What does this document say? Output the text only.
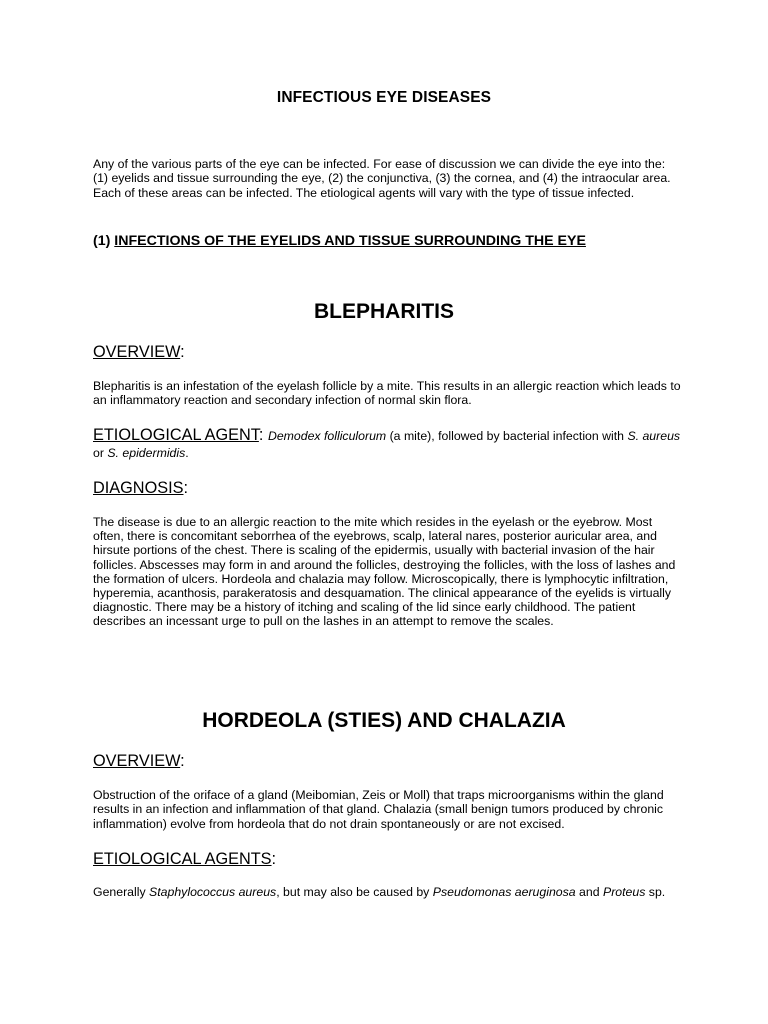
INFECTIOUS EYE DISEASES

Any of the various parts of the eye can be infected. For ease of discussion we can divide the eye into the: (1) eyelids and tissue surrounding the eye, (2) the conjunctiva, (3) the cornea, and (4) the intraocular area. Each of these areas can be infected. The etiological agents will vary with the type of tissue infected.

(1) INFECTIONS OF THE EYELIDS AND TISSUE SURROUNDING THE EYE
BLEPHARITIS
OVERVIEW:

Blepharitis is an infestation of the eyelash follicle by a mite. This results in an allergic reaction which leads to an inflammatory reaction and secondary infection of normal skin flora.

ETIOLOGICAL AGENT: Demodex folliculorum (a mite), followed by bacterial infection with S. aureus or S. epidermidis.

DIAGNOSIS:

The disease is due to an allergic reaction to the mite which resides in the eyelash or the eyebrow. Most often, there is concomitant seborrhea of the eyebrows, scalp, lateral nares, posterior auricular area, and hirsute portions of the chest. There is scaling of the epidermis, usually with bacterial invasion of the hair follicles. Abscesses may form in and around the follicles, destroying the follicles, with the loss of lashes and the formation of ulcers. Hordeola and chalazia may follow. Microscopically, there is lymphocytic infiltration, hyperemia, acanthosis, parakeratosis and desquamation. The clinical appearance of the eyelids is virtually diagnostic. There may be a history of itching and scaling of the lid since early childhood. The patient describes an incessant urge to pull on the lashes in an attempt to remove the scales.

HORDEOLA (STIES) AND CHALAZIA
OVERVIEW:

Obstruction of the oriface of a gland (Meibomian, Zeis or Moll) that traps microorganisms within the gland results in an infection and inflammation of that gland. Chalazia (small benign tumors produced by chronic inflammation) evolve from hordeola that do not drain spontaneously or are not excised.

ETIOLOGICAL AGENTS:

Generally Staphylococcus aureus, but may also be caused by Pseudomonas aeruginosa and Proteus sp.
